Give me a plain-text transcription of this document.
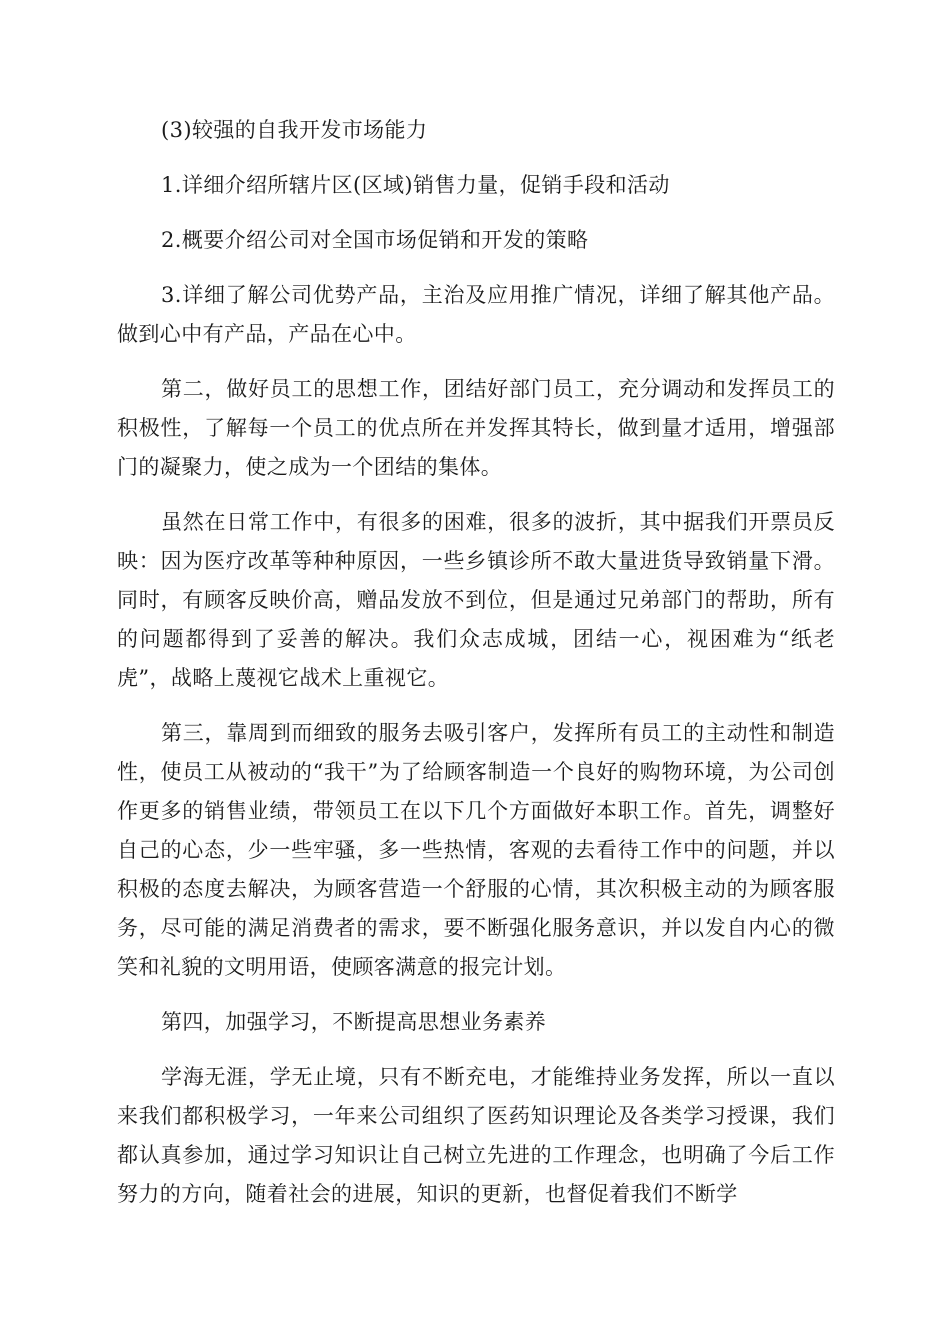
(3)较强的自我开发市场能力

1.详细介绍所辖片区(区域)销售力量，促销手段和活动

2.概要介绍公司对全国市场促销和开发的策略

3.详细了解公司优势产品，主治及应用推广情况，详细了解其他产品。做到心中有产品，产品在心中。

第二，做好员工的思想工作，团结好部门员工，充分调动和发挥员工的积极性，了解每一个员工的优点所在并发挥其特长，做到量才适用，增强部门的凝聚力，使之成为一个团结的集体。

虽然在日常工作中，有很多的困难，很多的波折，其中据我们开票员反映：因为医疗改革等种种原因，一些乡镇诊所不敢大量进货导致销量下滑。同时，有顾客反映价高，赠品发放不到位，但是通过兄弟部门的帮助，所有的问题都得到了妥善的解决。我们众志成城，团结一心，视困难为“纸老虎”，战略上蔑视它战术上重视它。

第三，靠周到而细致的服务去吸引客户，发挥所有员工的主动性和制造性，使员工从被动的“我干”为了给顾客制造一个良好的购物环境，为公司创作更多的销售业绩，带领员工在以下几个方面做好本职工作。首先，调整好自己的心态，少一些牢骚，多一些热情，客观的去看待工作中的问题，并以积极的态度去解决，为顾客营造一个舒服的心情，其次积极主动的为顾客服务，尽可能的满足消费者的需求，要不断强化服务意识，并以发自内心的微笑和礼貌的文明用语，使顾客满意的报完计划。

第四，加强学习，不断提高思想业务素养

学海无涯，学无止境，只有不断充电，才能维持业务发挥，所以一直以来我们都积极学习，一年来公司组织了医药知识理论及各类学习授课，我们都认真参加，通过学习知识让自己树立先进的工作理念，也明确了今后工作努力的方向，随着社会的进展，知识的更新，也督促着我们不断学
